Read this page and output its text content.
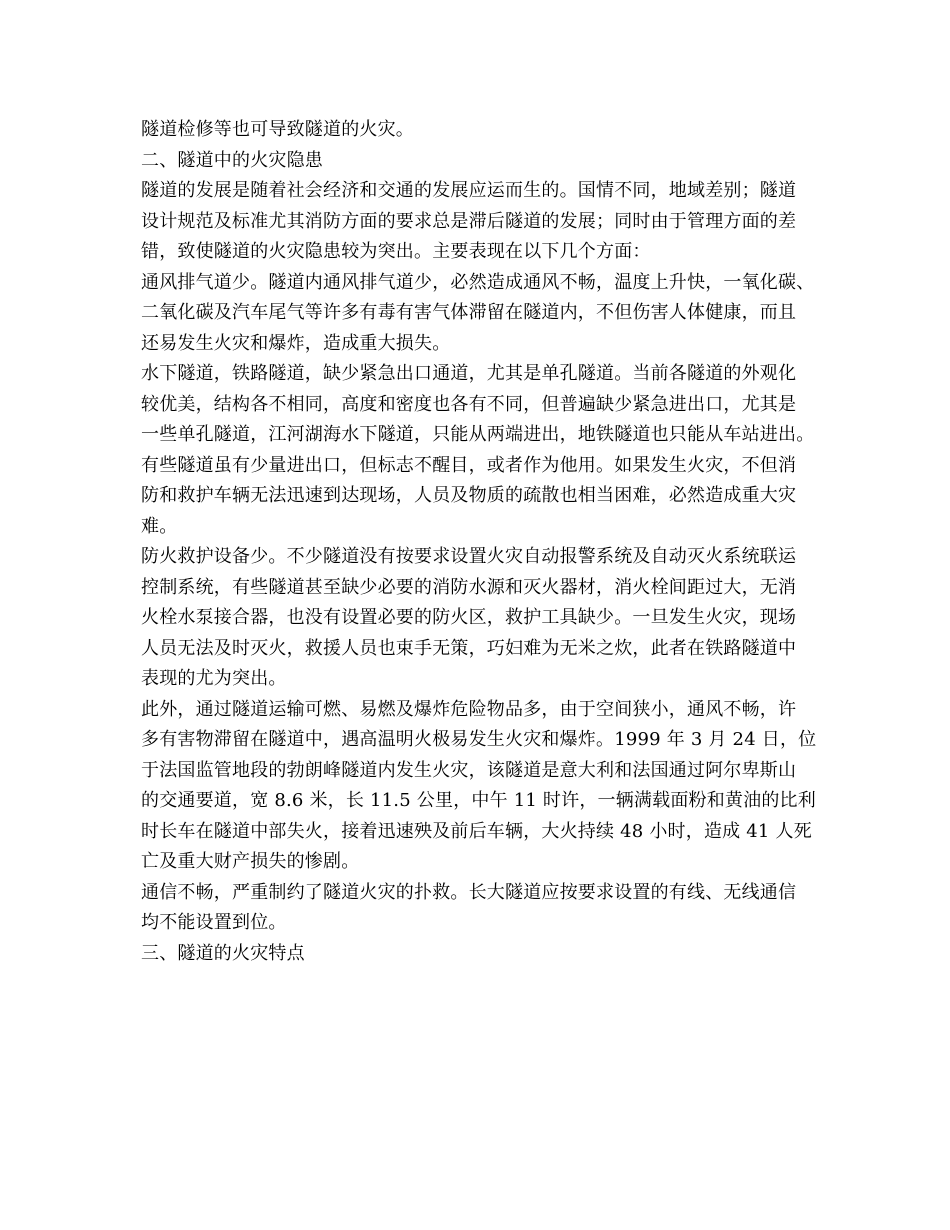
隧道检修等也可导致隧道的火灾。
二、隧道中的火灾隐患
隧道的发展是随着社会经济和交通的发展应运而生的。国情不同，地域差别；隧道
设计规范及标准尤其消防方面的要求总是滞后隧道的发展；同时由于管理方面的差
错，致使隧道的火灾隐患较为突出。主要表现在以下几个方面：
通风排气道少。隧道内通风排气道少，必然造成通风不畅，温度上升快，一氧化碳、
二氧化碳及汽车尾气等许多有毒有害气体滞留在隧道内，不但伤害人体健康，而且
还易发生火灾和爆炸，造成重大损失。
水下隧道，铁路隧道，缺少紧急出口通道，尤其是单孔隧道。当前各隧道的外观化
较优美，结构各不相同，高度和密度也各有不同，但普遍缺少紧急进出口，尤其是
一些单孔隧道，江河湖海水下隧道，只能从两端进出，地铁隧道也只能从车站进出。
有些隧道虽有少量进出口，但标志不醒目，或者作为他用。如果发生火灾，不但消
防和救护车辆无法迅速到达现场，人员及物质的疏散也相当困难，必然造成重大灾
难。
防火救护设备少。不少隧道没有按要求设置火灾自动报警系统及自动灭火系统联运
控制系统，有些隧道甚至缺少必要的消防水源和灭火器材，消火栓间距过大，无消
火栓水泵接合器，也没有设置必要的防火区，救护工具缺少。一旦发生火灾，现场
人员无法及时灭火，救援人员也束手无策，巧妇难为无米之炊，此者在铁路隧道中
表现的尤为突出。
此外，通过隧道运输可燃、易燃及爆炸危险物品多，由于空间狭小，通风不畅，许
多有害物滞留在隧道中，遇高温明火极易发生火灾和爆炸。1999 年 3 月 24 日，位
于法国监管地段的勃朗峰隧道内发生火灾，该隧道是意大利和法国通过阿尔卑斯山
的交通要道，宽 8.6 米，长 11.5 公里，中午 11 时许，一辆满载面粉和黄油的比利
时长车在隧道中部失火，接着迅速殃及前后车辆，大火持续 48 小时，造成 41 人死
亡及重大财产损失的惨剧。
通信不畅，严重制约了隧道火灾的扑救。长大隧道应按要求设置的有线、无线通信
均不能设置到位。
三、隧道的火灾特点
